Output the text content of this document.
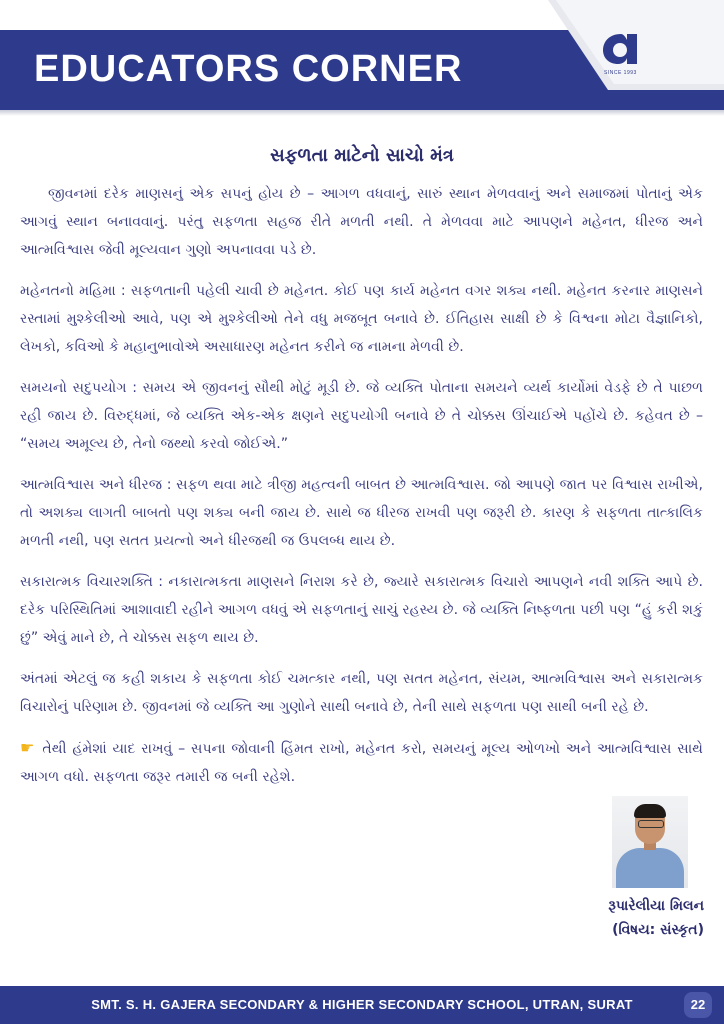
EDUCATORS CORNER	SINCE 1993
સફળતા માટેનો સાચો મંત્ર

જીવનમાં દરેક માણસનું એક સપનું હોય છે – આગળ વધવાનું, સારું સ્થાન મેળવવાનું અને સમાજમાં પોતાનું એક આગવું સ્થાન બનાવવાનું. પરંતુ સફળતા સહજ રીતે મળતી નથી. તે મેળવવા માટે આપણને મહેનત, ધીરજ અને આત્મવિશ્વાસ જેવી મૂલ્યવાન ગુણો અપનાવવા પડે છે.

મહેનતનો મહિમા : સફળતાની પહેલી ચાવી છે મહેનત. કોઈ પણ કાર્ય મહેનત વગર શક્ય નથી. મહેનત કરનાર માણસને રસ્તામાં મુશ્કેલીઓ આવે, પણ એ મુશ્કેલીઓ તેને વધુ મજબૂત બનાવે છે. ઈતિહાસ સાક્ષી છે કે વિશ્વના મોટા વૈજ્ઞાનિકો, લેખકો, કવિઓ કે મહાનુભાવોએ અસાધારણ મહેનત કરીને જ નામના મેળવી છે.

સમયનો સદુપયોગ : સમય એ જીવનનું સૌથી મોટું મૂડી છે. જે વ્યક્તિ પોતાના સમયને વ્યર્થ કાર્યોમાં વેડફે છે તે પાછળ રહી જાય છે. વિરુદ્ધમાં, જે વ્યક્તિ એક-એક ક્ષણને સદુપયોગી બનાવે છે તે ચોક્કસ ઊંચાઈએ પહોંચે છે. કહેવત છે – “સમય અમૂલ્ય છે, તેનો જથ્થો કરવો જોઈએ.”

આત્મવિશ્વાસ અને ધીરજ : સફળ થવા માટે ત્રીજી મહત્વની બાબત છે આત્મવિશ્વાસ. જો આપણે જાત પર વિશ્વાસ રાખીએ, તો અશક્ય લાગતી બાબતો પણ શક્ય બની જાય છે. સાથે જ ધીરજ રાખવી પણ જરૂરી છે. કારણ કે સફળતા તાત્કાલિક મળતી નથી, પણ સતત પ્રયત્નો અને ધીરજથી જ ઉપલબ્ધ થાય છે.

સકારાત્મક વિચારશક્તિ : નકારાત્મકતા માણસને નિરાશ કરે છે, જ્યારે સકારાત્મક વિચારો આપણને નવી શક્તિ આપે છે. દરેક પરિસ્થિતિમાં આશાવાદી રહીને આગળ વધવું એ સફળતાનું સાચું રહસ્ય છે. જે વ્યક્તિ નિષ્ફળતા પછી પણ “હું કરી શકું છું” એવું માને છે, તે ચોક્કસ સફળ થાય છે.

અંતમાં એટલું જ કહી શકાય કે સફળતા કોઈ ચમત્કાર નથી, પણ સતત મહેનત, સંયમ, આત્મવિશ્વાસ અને સકારાત્મક વિચારોનું પરિણામ છે. જીવનમાં જે વ્યક્તિ આ ગુણોને સાથી બનાવે છે, તેની સાથે સફળતા પણ સાથી બની રહે છે.

☛ તેથી હંમેશાં યાદ રાખવું – સપના જોવાની હિંમત રાખો, મહેનત કરો, સમયનું મૂલ્ય ઓળખો અને આત્મવિશ્વાસ સાથે આગળ વધો. સફળતા જરૂર તમારી જ બની રહેશે.

રૂપારેલીયા મિલન
(વિષય: સંસ્કૃત)
SMT. S. H. GAJERA SECONDARY & HIGHER SECONDARY SCHOOL, UTRAN, SURAT	22
